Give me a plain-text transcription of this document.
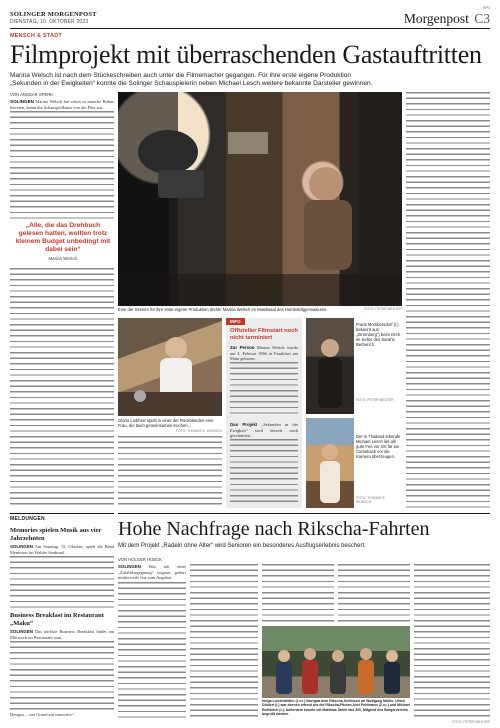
SOLINGER MORGENPOST
DIENSTAG, 10. OKTOBER 2023
RP3
Morgenpost C3
MENSCH & STADT
Filmprojekt mit überraschenden Gastauftritten
Marina Welsch ist nach dem Stückeschreiben auch unter die Filmemacher gegangen. Für ihre erste eigene Produktion
„Sekunden in der Ewigkeiten“ konnte die Solinger Schauspielerin neben Michael Lesch weitere bekannte Darsteller gewinnen.
VON ANSGAR SPERK
SOLINGEN Marina Welsch hat schon so manche Bühne betreten, kennt die Schauspielkunst von der Pike auf.
„Alle, die das Drehbuch gelesen hatten, wollten trotz kleinem Budget unbedingt mit dabei sein“
Marina Welsch
Eine der Szenen für ihre erste eigene Produktion drehte Marina Welsch im Musiksaal des Humboldtgymnasiums.	FOTO: PETER MEUTER
Gloria Liebherr spielt in einer der Rückblenden eine Frau, die beim gemeinsamen Kochen...
FOTO: THOMAS E. WUNSCH
INFO
Offizieller Filmstart noch nicht terminiert
Zur Person Marina Welsch wurde am 4. Februar 1966 in Frankfurt am Main geboren.
Das Projekt „Sekunden in der Ewigkeit“ wird derzeit noch geschnitten.
Frank Mombersdorf (l.) bekannt aus „Stromberg“) beim Dreh im Keller des Sarahs Berberich.
FOTO: PETER MEUTER
Der in Thailand lebende Michael Lesch lief als gute Fee vor Ort für ein Comeback vor die Kamera überzeugen.
FOTO: THOMAS E. WUNSCH
MELDUNGEN
Memories spielen Musik aus vier Jahrzehnten
SOLINGEN Am Sonntag, 15. Oktober, spielt die Band Memories im Walder Stadtsaal.
Business Breakfast im Restaurant „Maku“
SOLINGEN Das nächste Business Breakfast findet am Mittwoch im Restaurant statt.
Designs – von Grund auf innovativ“.
Hohe Nachfrage nach Rikscha-Fahrten
Mit dem Projekt „Radeln ohne Alter“ wird Senioren ein besonderes Ausflugserlebnis beschert.
VON HOLGER HOECK
SOLINGEN Was mit einer „Zufallsbegegnung“ begann, gehört mittlerweile fest zum Angebot.
Helga Lichtenthäler (2.v.l.) übergab dem Rikscha-Schlüssel an Wolfgang Müller. Ulrich Döblert (l.) war ebenso erfreut wie die Rikscha-Piloten Axel Pohlmann (2.v.r.) und Michael Rothkirch (r.). Außerdem konnte mit Matthias Stolle das 200. Mitglied des Bürgervereins begrüßt werden.
FOTO: PETER MEUTER
